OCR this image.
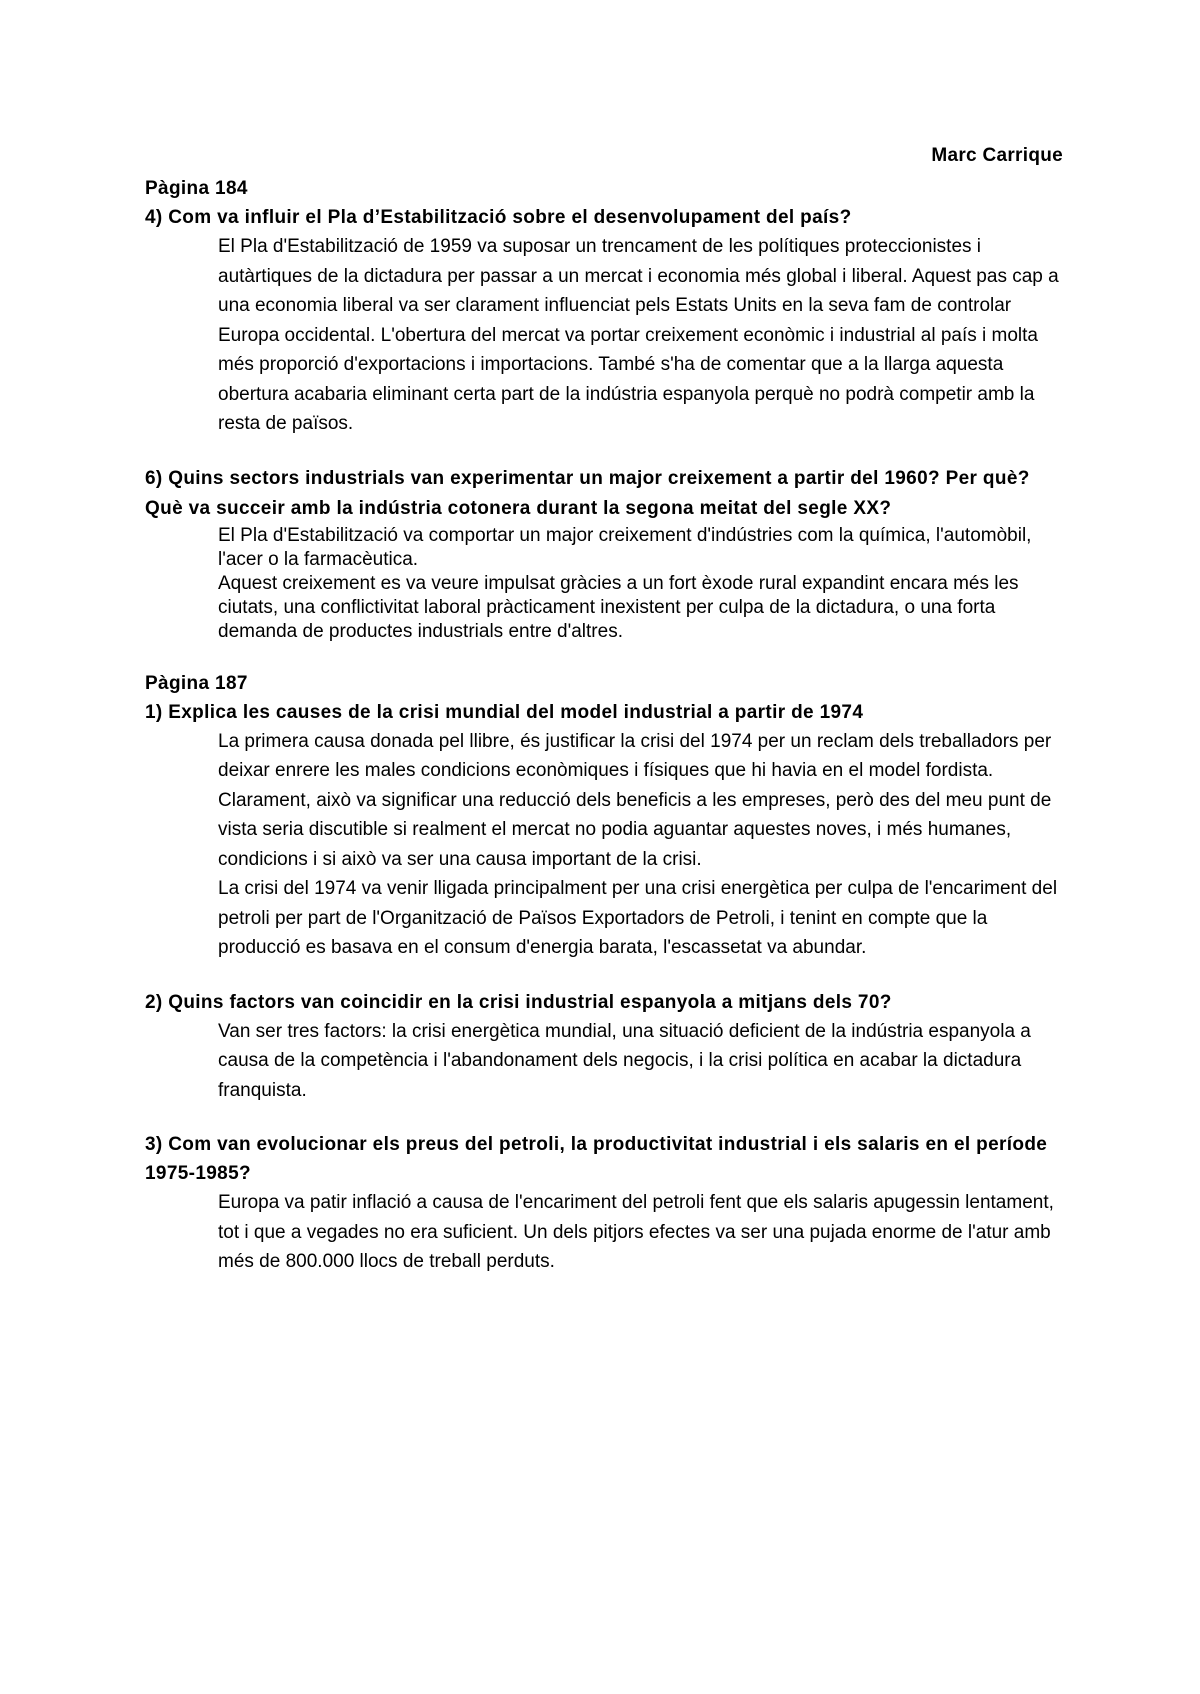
Marc Carrique
Pàgina 184
4) Com va influir el Pla d’Estabilització sobre el desenvolupament del país?

El Pla d'Estabilització de 1959 va suposar un trencament de les polítiques proteccionistes i autàrtiques de la dictadura per passar a un mercat i economia més global i liberal. Aquest pas cap a una economia liberal va ser clarament influenciat pels Estats Units en la seva fam de controlar Europa occidental. L'obertura del mercat va portar creixement econòmic i industrial al país i molta més proporció d'exportacions i importacions. També s'ha de comentar que a la llarga aquesta obertura acabaria eliminant certa part de la indústria espanyola perquè no podrà competir amb la resta de països.

6) Quins sectors industrials van experimentar un major creixement a partir del 1960? Per què? Què va succeir amb la indústria cotonera durant la segona meitat del segle XX?

El Pla d'Estabilització va comportar un major creixement d'indústries com la química, l'automòbil, l'acer o la farmacèutica.

Aquest creixement es va veure impulsat gràcies a un fort èxode rural expandint encara més les ciutats, una conflictivitat laboral pràcticament inexistent per culpa de la dictadura, o una forta demanda de productes industrials entre d'altres.

Pàgina 187
1) Explica les causes de la crisi mundial del model industrial a partir de 1974

La primera causa donada pel llibre, és justificar la crisi del 1974 per un reclam dels treballadors per deixar enrere les males condicions econòmiques i físiques que hi havia en el model fordista. Clarament, això va significar una reducció dels beneficis a les empreses, però des del meu punt de vista seria discutible si realment el mercat no podia aguantar aquestes noves, i més humanes, condicions i si això va ser una causa important de la crisi.

La crisi del 1974 va venir lligada principalment per una crisi energètica per culpa de l'encariment del petroli per part de l'Organització de Països Exportadors de Petroli, i tenint en compte que la producció es basava en el consum d'energia barata, l'escassetat va abundar.

2) Quins factors van coincidir en la crisi industrial espanyola a mitjans dels 70?

Van ser tres factors: la crisi energètica mundial, una situació deficient de la indústria espanyola a causa de la competència i l'abandonament dels negocis, i la crisi política en acabar la dictadura franquista.

3) Com van evolucionar els preus del petroli, la productivitat industrial i els salaris en el període 1975-1985?

Europa va patir inflació a causa de l'encariment del petroli fent que els salaris apugessin lentament, tot i que a vegades no era suficient. Un dels pitjors efectes va ser una pujada enorme de l'atur amb més de 800.000 llocs de treball perduts.
